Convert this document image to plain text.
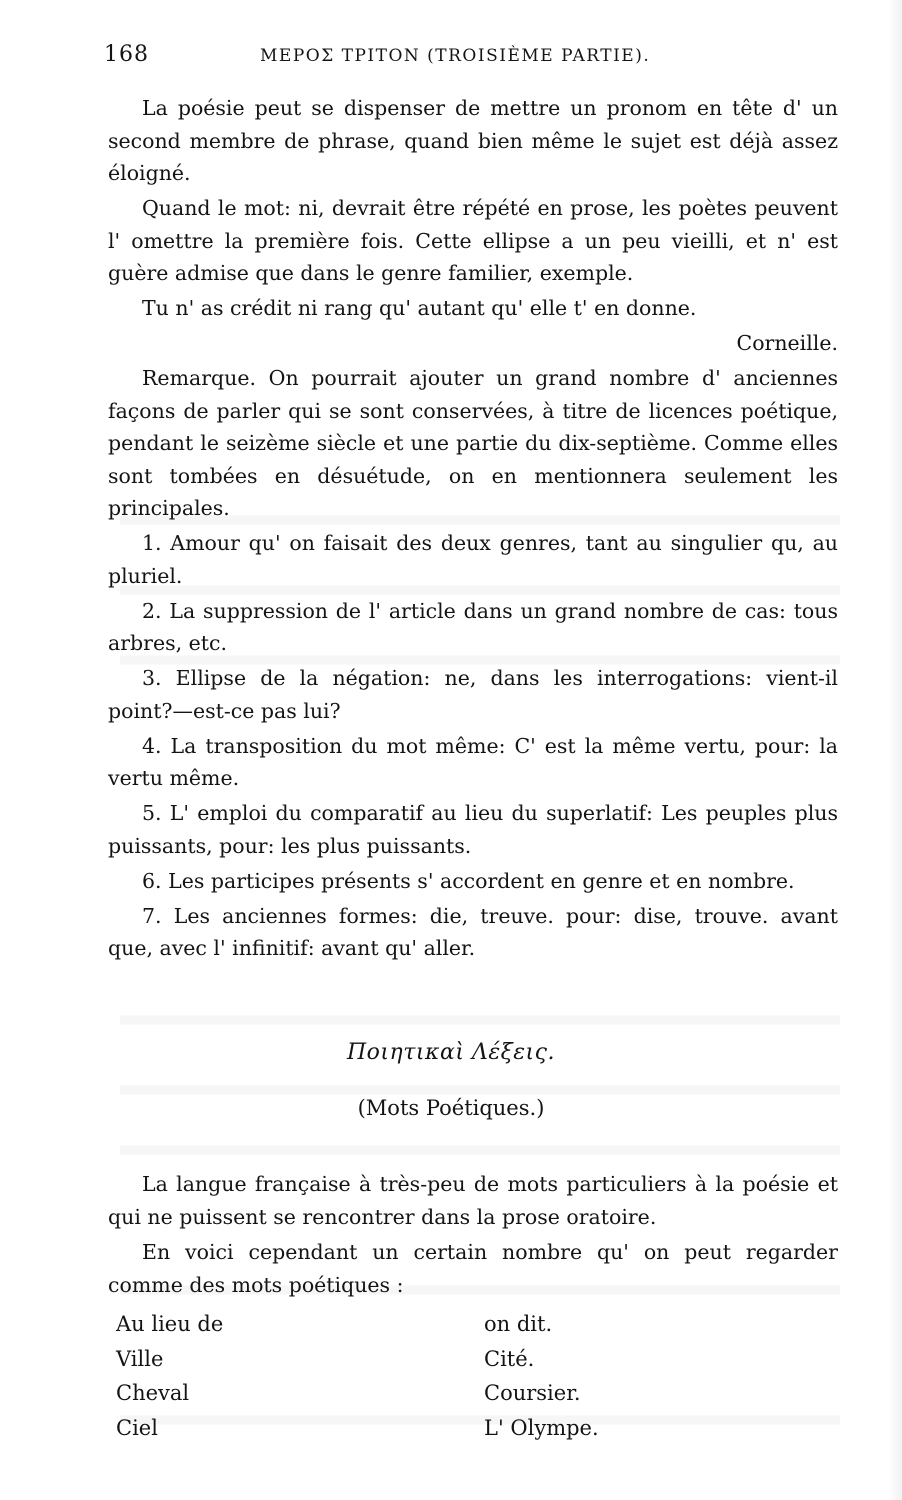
168	ΜΕΡΟΣ ΤΡΙΤΟΝ (TROISIÈME PARTIE).

La poésie peut se dispenser de mettre un pronom en tête d' un second membre de phrase, quand bien même le sujet est déjà assez éloigné.

Quand le mot: ni, devrait être répété en prose, les poètes peuvent l' omettre la première fois. Cette ellipse a un peu vieilli, et n' est guère admise que dans le genre familier, exemple.

Tu n' as crédit ni rang qu' autant qu' elle t' en donne.

Corneille.

Remarque. On pourrait ajouter un grand nombre d' anciennes façons de parler qui se sont conservées, à titre de licences poétique, pendant le seizème siècle et une partie du dix-septième. Comme elles sont tombées en désuétude, on en mentionnera seulement les principales.

1. Amour qu' on faisait des deux genres, tant au singulier qu, au pluriel.

2. La suppression de l' article dans un grand nombre de cas: tous arbres, etc.

3. Ellipse de la négation: ne, dans les interrogations: vient-il point?—est-ce pas lui?

4. La transposition du mot même: C' est la même vertu, pour: la vertu même.

5. L' emploi du comparatif au lieu du superlatif: Les peuples plus puissants, pour: les plus puissants.

6. Les participes présents s' accordent en genre et en nombre.

7. Les anciennes formes: die, treuve. pour: dise, trouve. avant que, avec l' infinitif: avant qu' aller.

Ποιητικαὶ Λέξεις.
(Mots Poétiques.)

La langue française à très-peu de mots particuliers à la poésie et qui ne puissent se rencontrer dans la prose oratoire.

En voici cependant un certain nombre qu' on peut regarder comme des mots poétiques :

Au lieu de	on dit.
Ville	Cité.
Cheval	Coursier.
Ciel	L' Olympe.
